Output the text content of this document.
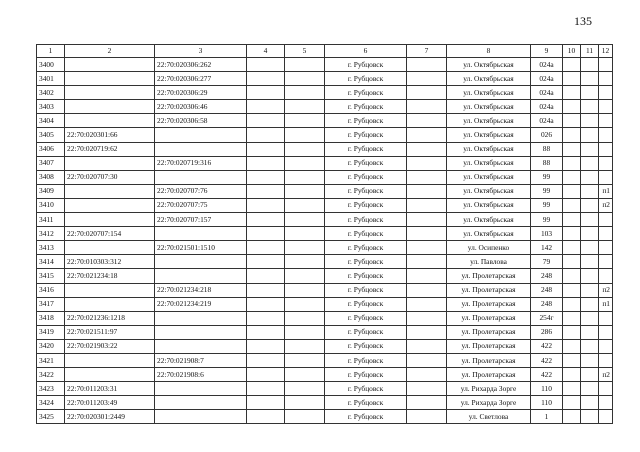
135
1	2	3	4	5	6	7	8	9	10	11	12
3400		22:70:020306:262			г. Рубцовск		ул. Октябрьская	024а			
3401		22:70:020306:277			г. Рубцовск		ул. Октябрьская	024а			
3402		22:70:020306:29			г. Рубцовск		ул. Октябрьская	024а			
3403		22:70:020306:46			г. Рубцовск		ул. Октябрьская	024а			
3404		22:70:020306:58			г. Рубцовск		ул. Октябрьская	024а			
3405	22:70:020301:66				г. Рубцовск		ул. Октябрьская	026			
3406	22:70:020719:62				г. Рубцовск		ул. Октябрьская	88			
3407		22:70:020719:316			г. Рубцовск		ул. Октябрьская	88			
3408	22:70:020707:30				г. Рубцовск		ул. Октябрьская	99			
3409		22:70:020707:76			г. Рубцовск		ул. Октябрьская	99			п1
3410		22:70:020707:75			г. Рубцовск		ул. Октябрьская	99			п2
3411		22:70:020707:157			г. Рубцовск		ул. Октябрьская	99			
3412	22:70:020707:154				г. Рубцовск		ул. Октябрьская	103			
3413		22:70:021501:1510			г. Рубцовск		ул. Осипенко	142			
3414	22:70:010303:312				г. Рубцовск		ул. Павлова	79			
3415	22:70:021234:18				г. Рубцовск		ул. Пролетарская	248			
3416		22:70:021234:218			г. Рубцовск		ул. Пролетарская	248			п2
3417		22:70:021234:219			г. Рубцовск		ул. Пролетарская	248			п1
3418	22:70:021236:1218				г. Рубцовск		ул. Пролетарская	254г			
3419	22:70:021511:97				г. Рубцовск		ул. Пролетарская	286			
3420	22:70:021903:22				г. Рубцовск		ул. Пролетарская	422			
3421		22:70:021908:7			г. Рубцовск		ул. Пролетарская	422			
3422		22:70:021908:6			г. Рубцовск		ул. Пролетарская	422			п2
3423	22:70:011203:31				г. Рубцовск		ул. Рихарда Зорге	110			
3424	22:70:011203:49				г. Рубцовск		ул. Рихарда Зорге	110			
3425	22:70:020301:2449				г. Рубцовск		ул. Светлова	1			
